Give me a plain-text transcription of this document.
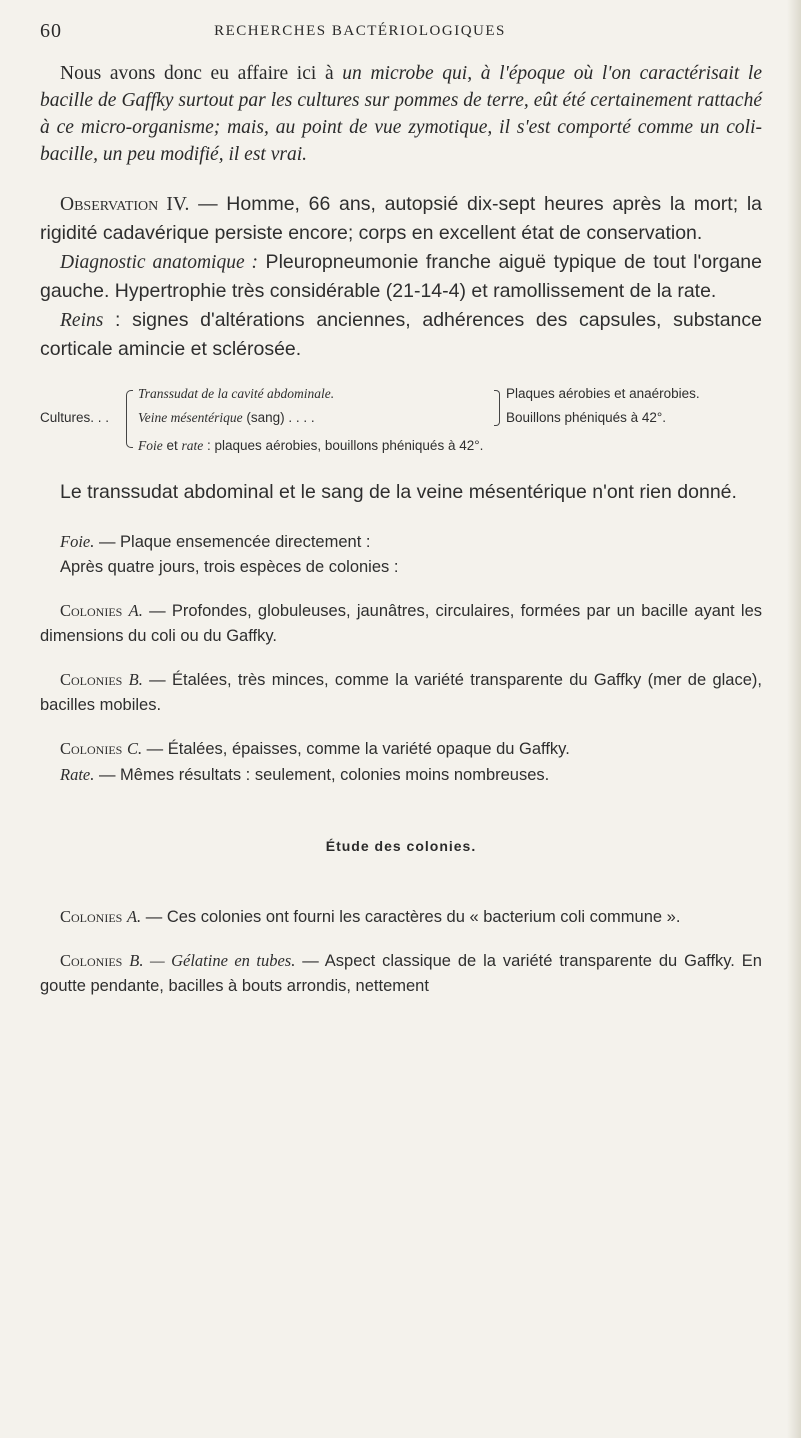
60	RECHERCHES BACTÉRIOLOGIQUES

Nous avons donc eu affaire ici à un microbe qui, à l'époque où l'on caractérisait le bacille de Gaffky surtout par les cultures sur pommes de terre, eût été certainement rattaché à ce micro-organisme; mais, au point de vue zymotique, il s'est comporté comme un coli-bacille, un peu modifié, il est vrai.

Observation IV. — Homme, 66 ans, autopsié dix-sept heures après la mort; la rigidité cadavérique persiste encore; corps en excellent état de conservation.

Diagnostic anatomique : Pleuropneumonie franche aiguë typique de tout l'organe gauche. Hypertrophie très considérable (21-14-4) et ramollissement de la rate.

Reins : signes d'altérations anciennes, adhérences des capsules, substance corticale amincie et sclérosée.

Cultures. . .
Transsudat de la cavité abdominale.
Veine mésentérique (sang) . . . .
Foie et rate : plaques aérobies, bouillons phéniqués à 42°.
Plaques aérobies et anaérobies.
Bouillons phéniqués à 42°.

Le transsudat abdominal et le sang de la veine mésentérique n'ont rien donné.

Foie. — Plaque ensemencée directement :

Après quatre jours, trois espèces de colonies :

Colonies A. — Profondes, globuleuses, jaunâtres, circulaires, formées par un bacille ayant les dimensions du coli ou du Gaffky.

Colonies B. — Étalées, très minces, comme la variété transparente du Gaffky (mer de glace), bacilles mobiles.

Colonies C. — Étalées, épaisses, comme la variété opaque du Gaffky.

Rate. — Mêmes résultats : seulement, colonies moins nombreuses.

Étude des colonies.

Colonies A. — Ces colonies ont fourni les caractères du « bacterium coli commune ».

Colonies B. — Gélatine en tubes. — Aspect classique de la variété transparente du Gaffky. En goutte pendante, bacilles à bouts arrondis, nettement
